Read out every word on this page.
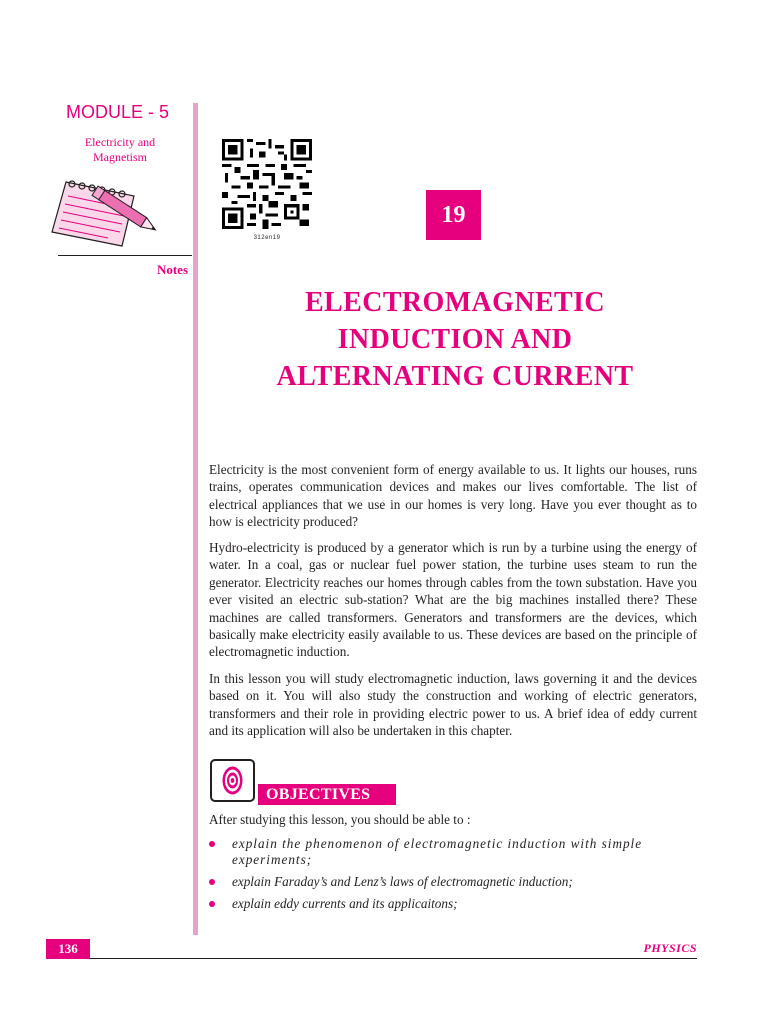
MODULE - 5
Electricity and
Magnetism
Notes
312en19
19
ELECTROMAGNETIC
INDUCTION AND
ALTERNATING CURRENT

Electricity is the most convenient form of energy available to us. It lights our houses, runs trains, operates communication devices and makes our lives comfortable. The list of electrical appliances that we use in our homes is very long. Have you ever thought as to how is electricity produced?

Hydro-electricity is produced by a generator which is run by a turbine using the energy of water. In a coal, gas or nuclear fuel power station, the turbine uses steam to run the generator. Electricity reaches our homes through cables from the town substation. Have you ever visited an electric sub-station? What are the big machines installed there? These machines are called transformers. Generators and transformers are the devices, which basically make electricity easily available to us. These devices are based on the principle of electromagnetic induction.

In this lesson you will study electromagnetic induction, laws governing it and the devices based on it. You will also study the construction and working of electric generators, transformers and their role in providing electric power to us. A brief idea of eddy current and its application will also be undertaken in this chapter.

OBJECTIVES
After studying this lesson, you should be able to :
explain the phenomenon of electromagnetic induction with simple experiments;
explain Faraday’s and Lenz’s laws of electromagnetic induction;
explain eddy currents and its applicaitons;
136	PHYSICS
